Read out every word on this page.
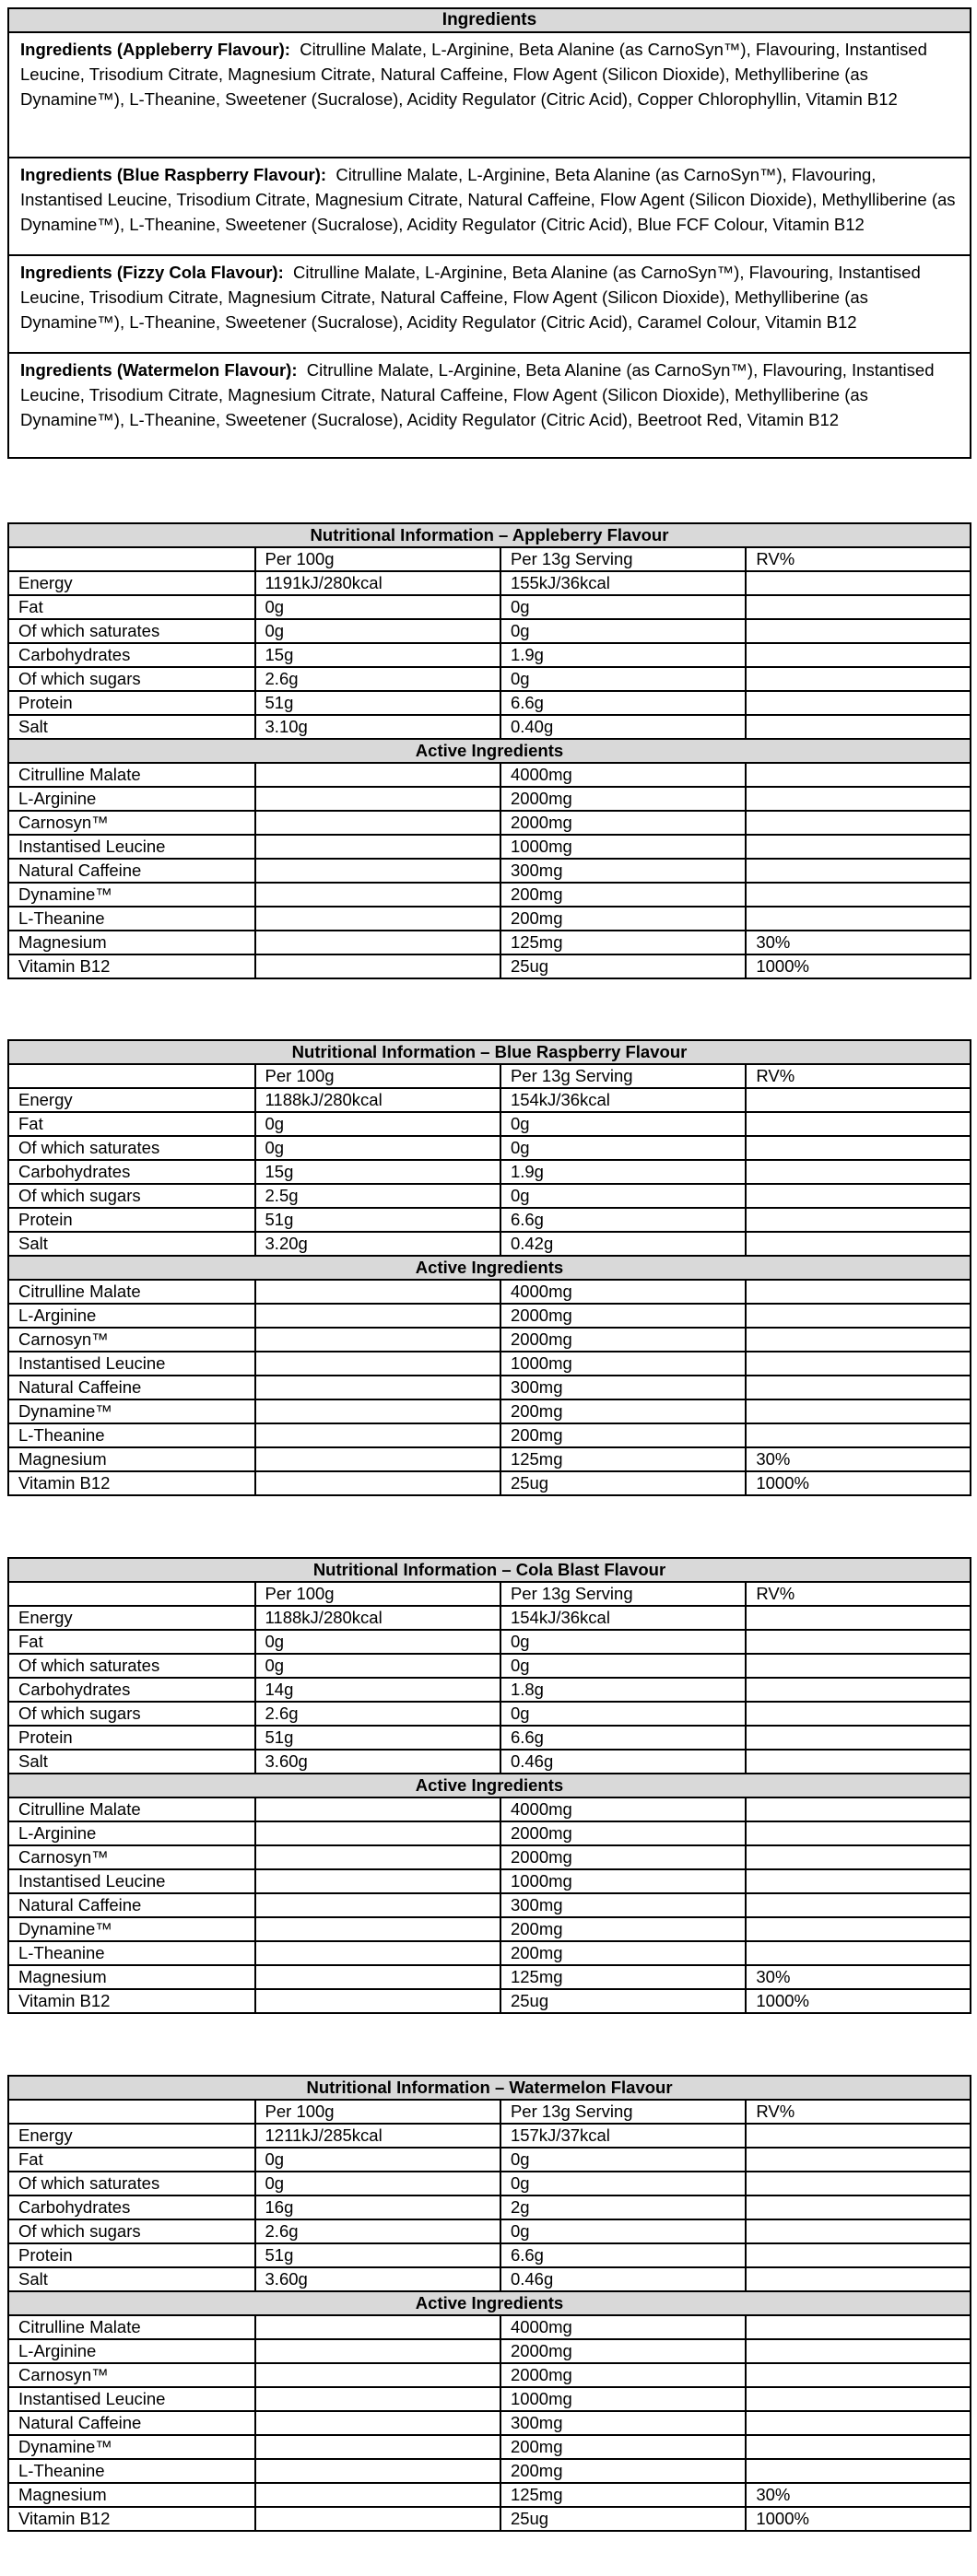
Ingredients
Ingredients (Appleberry Flavour): Citrulline Malate, L-Arginine, Beta Alanine (as CarnoSyn™), Flavouring, Instantised Leucine, Trisodium Citrate, Magnesium Citrate, Natural Caffeine, Flow Agent (Silicon Dioxide), Methylliberine (as Dynamine™), L-Theanine, Sweetener (Sucralose), Acidity Regulator (Citric Acid), Copper Chlorophyllin, Vitamin B12
Ingredients (Blue Raspberry Flavour): Citrulline Malate, L-Arginine, Beta Alanine (as CarnoSyn™), Flavouring, Instantised Leucine, Trisodium Citrate, Magnesium Citrate, Natural Caffeine, Flow Agent (Silicon Dioxide), Methylliberine (as Dynamine™), L-Theanine, Sweetener (Sucralose), Acidity Regulator (Citric Acid), Blue FCF Colour, Vitamin B12
Ingredients (Fizzy Cola Flavour): Citrulline Malate, L-Arginine, Beta Alanine (as CarnoSyn™), Flavouring, Instantised Leucine, Trisodium Citrate, Magnesium Citrate, Natural Caffeine, Flow Agent (Silicon Dioxide), Methylliberine (as Dynamine™), L-Theanine, Sweetener (Sucralose), Acidity Regulator (Citric Acid), Caramel Colour, Vitamin B12
Ingredients (Watermelon Flavour): Citrulline Malate, L-Arginine, Beta Alanine (as CarnoSyn™), Flavouring, Instantised Leucine, Trisodium Citrate, Magnesium Citrate, Natural Caffeine, Flow Agent (Silicon Dioxide), Methylliberine (as Dynamine™), L-Theanine, Sweetener (Sucralose), Acidity Regulator (Citric Acid), Beetroot Red, Vitamin B12
Nutritional Information – Appleberry Flavour			
	Per 100g	Per 13g Serving	RV%
Energy	1191kJ/280kcal	155kJ/36kcal	
Fat	0g	0g	
Of which saturates	0g	0g	
Carbohydrates	15g	1.9g	
Of which sugars	2.6g	0g	
Protein	51g	6.6g	
Salt	3.10g	0.40g	
Active Ingredients			
Citrulline Malate		4000mg	
L-Arginine		2000mg	
Carnosyn™		2000mg	
Instantised Leucine		1000mg	
Natural Caffeine		300mg	
Dynamine™		200mg	
L-Theanine		200mg	
Magnesium		125mg	30%
Vitamin B12		25ug	1000%
Nutritional Information – Blue Raspberry Flavour			
	Per 100g	Per 13g Serving	RV%
Energy	1188kJ/280kcal	154kJ/36kcal	
Fat	0g	0g	
Of which saturates	0g	0g	
Carbohydrates	15g	1.9g	
Of which sugars	2.5g	0g	
Protein	51g	6.6g	
Salt	3.20g	0.42g	
Active Ingredients			
Citrulline Malate		4000mg	
L-Arginine		2000mg	
Carnosyn™		2000mg	
Instantised Leucine		1000mg	
Natural Caffeine		300mg	
Dynamine™		200mg	
L-Theanine		200mg	
Magnesium		125mg	30%
Vitamin B12		25ug	1000%
Nutritional Information – Cola Blast Flavour			
	Per 100g	Per 13g Serving	RV%
Energy	1188kJ/280kcal	154kJ/36kcal	
Fat	0g	0g	
Of which saturates	0g	0g	
Carbohydrates	14g	1.8g	
Of which sugars	2.6g	0g	
Protein	51g	6.6g	
Salt	3.60g	0.46g	
Active Ingredients			
Citrulline Malate		4000mg	
L-Arginine		2000mg	
Carnosyn™		2000mg	
Instantised Leucine		1000mg	
Natural Caffeine		300mg	
Dynamine™		200mg	
L-Theanine		200mg	
Magnesium		125mg	30%
Vitamin B12		25ug	1000%
Nutritional Information – Watermelon Flavour			
	Per 100g	Per 13g Serving	RV%
Energy	1211kJ/285kcal	157kJ/37kcal	
Fat	0g	0g	
Of which saturates	0g	0g	
Carbohydrates	16g	2g	
Of which sugars	2.6g	0g	
Protein	51g	6.6g	
Salt	3.60g	0.46g	
Active Ingredients			
Citrulline Malate		4000mg	
L-Arginine		2000mg	
Carnosyn™		2000mg	
Instantised Leucine		1000mg	
Natural Caffeine		300mg	
Dynamine™		200mg	
L-Theanine		200mg	
Magnesium		125mg	30%
Vitamin B12		25ug	1000%
